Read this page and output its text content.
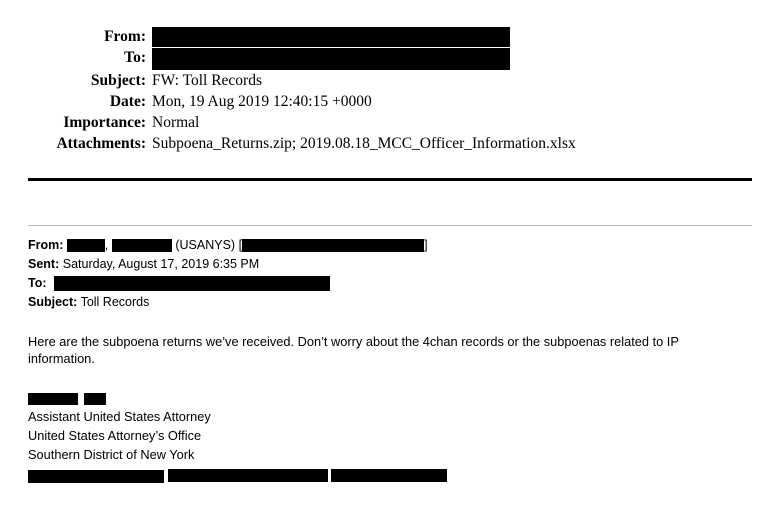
From:
To:
Subject: FW: Toll Records
Date: Mon, 19 Aug 2019 12:40:15 +0000
Importance: Normal
Attachments: Subpoena_Returns.zip; 2019.08.18_MCC_Officer_Information.xlsx
From:	,	(USANYS) [	]
Sent: Saturday, August 17, 2019 6:35 PM
To:
Subject: Toll Records
Here are the subpoena returns we’ve received. Don’t worry about the 4chan records or the subpoenas related to IP information.
Assistant United States Attorney
United States Attorney’s Office
Southern District of New York
